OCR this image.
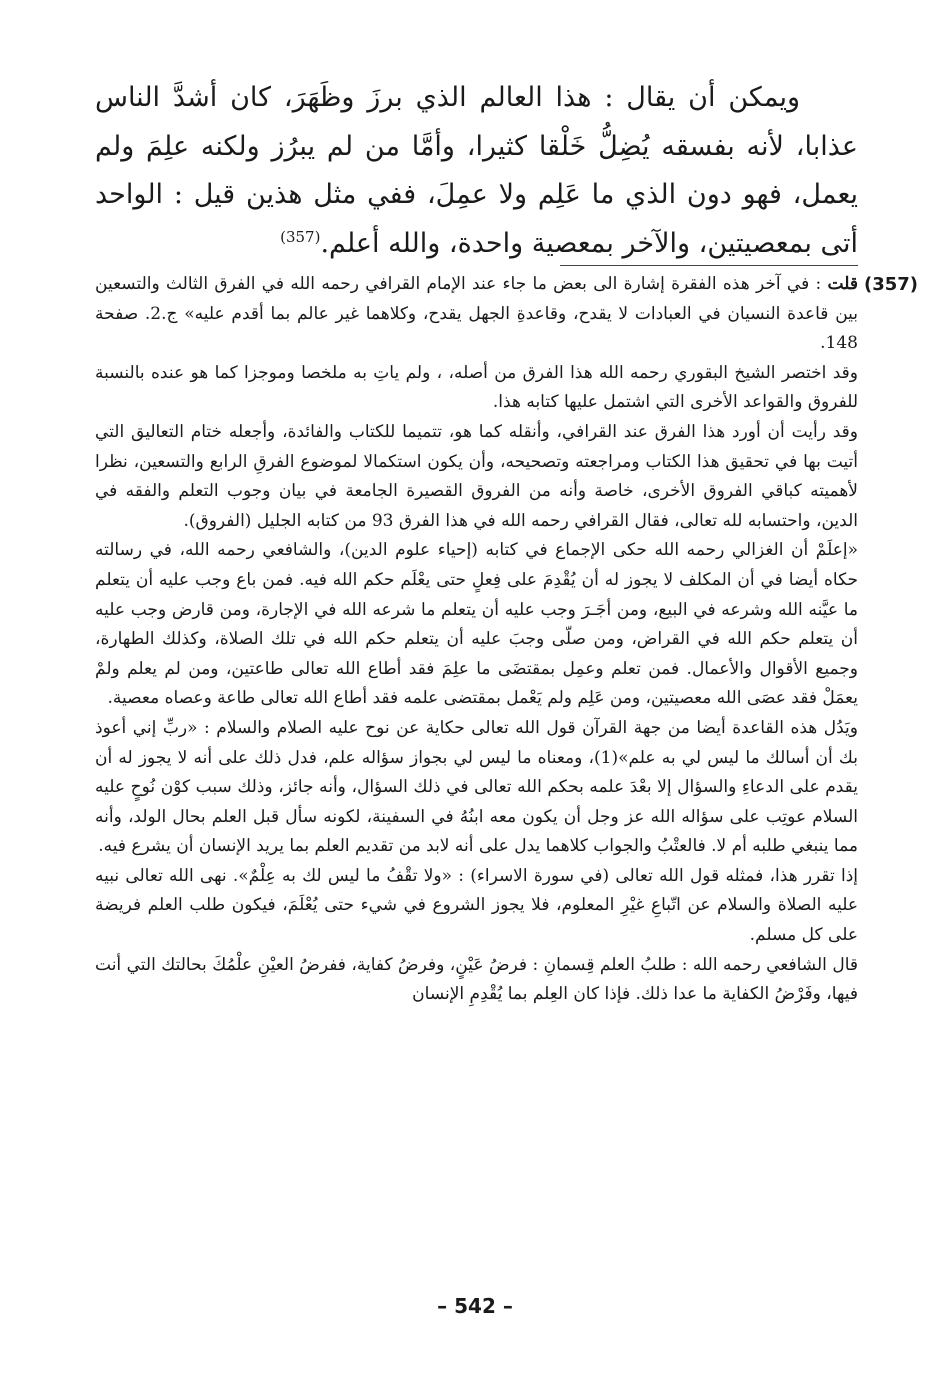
ويمكن أن يقال : هذا العالم الذي برزَ وظَهَرَ، كان أشدَّ الناس عذابا، لأنه بفسقه يُضِلُّ خَلْقا كثيرا، وأمَّا من لم يبرُز ولكنه علِمَ ولم يعمل، فهو دون الذي ما عَلِم ولا عمِلَ، ففي مثل هذين قيل : الواحد أتى بمعصيتين، والآخر بمعصية واحدة، والله أعلم.$^{(357)}$

(357)
قلت : في آخر هذه الفقرة إشارة الى بعض ما جاء عند الإمام القرافي رحمه الله في الفرق الثالث والتسعين بين قاعدة النسيان في العبادات لا يقدح، وقاعدةِ الجهل يقدح، وكلاهما غير عالم بما أقدم عليه» ج.2. صفحة 148.

وقد اختصر الشيخ البقوري رحمه الله هذا الفرق من أصله، ، ولم ياتِ به ملخصا وموجزا كما هو عنده بالنسبة للفروق والقواعد الأخرى التي اشتمل عليها كتابه هذا.

وقد رأيت أن أورد هذا الفرق عند القرافي، وأنقله كما هو، تتميما للكتاب والفائدة، وأجعله ختام التعاليق التي أتيت بها في تحقيق هذا الكتاب ومراجعته وتصحيحه، وأن يكون استكمالا لموضوع الفرقِ الرابع والتسعين، نظرا لأهميته كباقي الفروق الأخرى، خاصة وأنه من الفروق القصيرة الجامعة في بيان وجوب التعلم والفقه في الدين، واحتسابه لله تعالى، فقال القرافي رحمه الله في هذا الفرق 93 من كتابه الجليل (الفروق).

«إعلَمْ أن الغزالي رحمه الله حكى الإجماع في كتابه (إحياء علوم الدين)، والشافعي رحمه الله، في رسالته حكاه أيضا في أن المكلف لا يجوز له أن يُقْدِمَ على فِعلٍ حتى يعْلَم حكم الله فيه. فمن باع وجب عليه أن يتعلم ما عيَّنه الله وشرعه في البيع، ومن أجَـرَ وجب عليه أن يتعلم ما شرعه الله في الإجارة، ومن قارض وجب عليه أن يتعلم حكم الله في القراض، ومن صلّى وجبَ عليه أن يتعلم حكم الله في تلك الصلاة، وكذلك الطهارة، وجميع الأقوال والأعمال. فمن تعلم وعمِل بمقتضَى ما علِمَ فقد أطاع الله تعالى طاعتين، ومن لم يعلم ولمْ يعمَلْ فقد عصَى الله معصيتين، ومن عَلِم ولم يَعْمل بمقتضى علمه فقد أطاع الله تعالى طاعة وعصاه معصية.

ويَدُل هذه القاعدة أيضا من جهة القرآن قول الله تعالى حكاية عن نوح عليه الصلام والسلام : «ربِّ إني أعوذ بك أن أسالك ما ليس لي به علم»(1)، ومعناه ما ليس لي بجواز سؤاله علم، فدل ذلك على أنه لا يجوز له أن يقدم على الدعاءِ والسؤال إلا بعْدَ علمه بحكم الله تعالى في ذلك السؤال، وأنه جائز، وذلك سبب كوْن نُوحٍ عليه السلام عوتِب على سؤاله الله عز وجل أن يكون معه ابنُهُ في السفينة، لكونه سأل قبل العلم بحال الولد، وأنه مما ينبغي طلبه أم لا. فالعتْبُ والجواب كلاهما يدل على أنه لابد من تقديم العلم بما يريد الإنسان أن يشرع فيه.

إذا تقرر هذا، فمثله قول الله تعالى (في سورة الاسراء) : «ولا تقْفُ ما ليس لك به عِلْمٌ». نهى الله تعالى نبيه عليه الصلاة والسلام عن اتّباعِ غيْرِ المعلوم، فلا يجوز الشروع في شيء حتى يُعْلَمَ، فيكون طلب العلم فريضة على كل مسلم.

قال الشافعي رحمه الله : طلبُ العلم قِسمانِ : فرضُ عَيْنٍ، وفرضُ كفاية، ففرضُ العيْنِ علْمُكَ بحالتك التي أنت فيها، وفَرْضُ الكفاية ما عدا ذلك. فإذا كان العِلم بما يُقْدِمِ الإنسان

– 542 –
